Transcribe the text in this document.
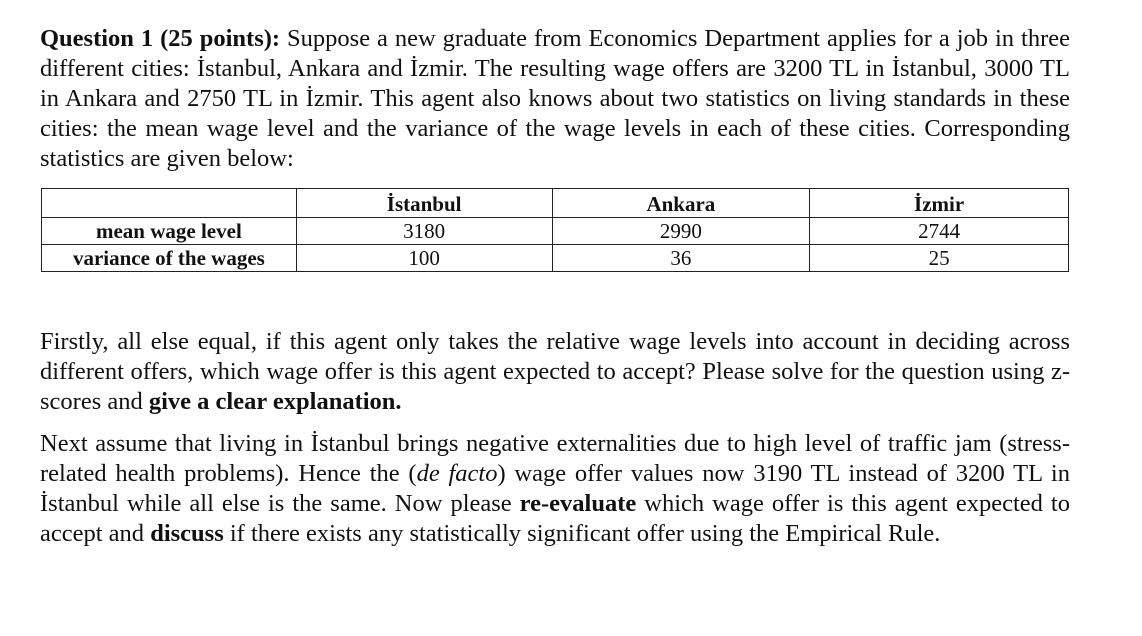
Question 1 (25 points): Suppose a new graduate from Economics Department applies for a job in three different cities: İstanbul, Ankara and İzmir. The resulting wage offers are 3200 TL in İstanbul, 3000 TL in Ankara and 2750 TL in İzmir. This agent also knows about two statistics on living standards in these cities: the mean wage level and the variance of the wage levels in each of these cities. Corresponding statistics are given below:

	İstanbul	Ankara	İzmir
mean wage level	3180	2990	2744
variance of the wages	100	36	25

Firstly, all else equal, if this agent only takes the relative wage levels into account in deciding across different offers, which wage offer is this agent expected to accept? Please solve for the question using z-scores and give a clear explanation.

Next assume that living in İstanbul brings negative externalities due to high level of traffic jam (stress-related health problems). Hence the (de facto) wage offer values now 3190 TL instead of 3200 TL in İstanbul while all else is the same. Now please re-evaluate which wage offer is this agent expected to accept and discuss if there exists any statistically significant offer using the Empirical Rule.
